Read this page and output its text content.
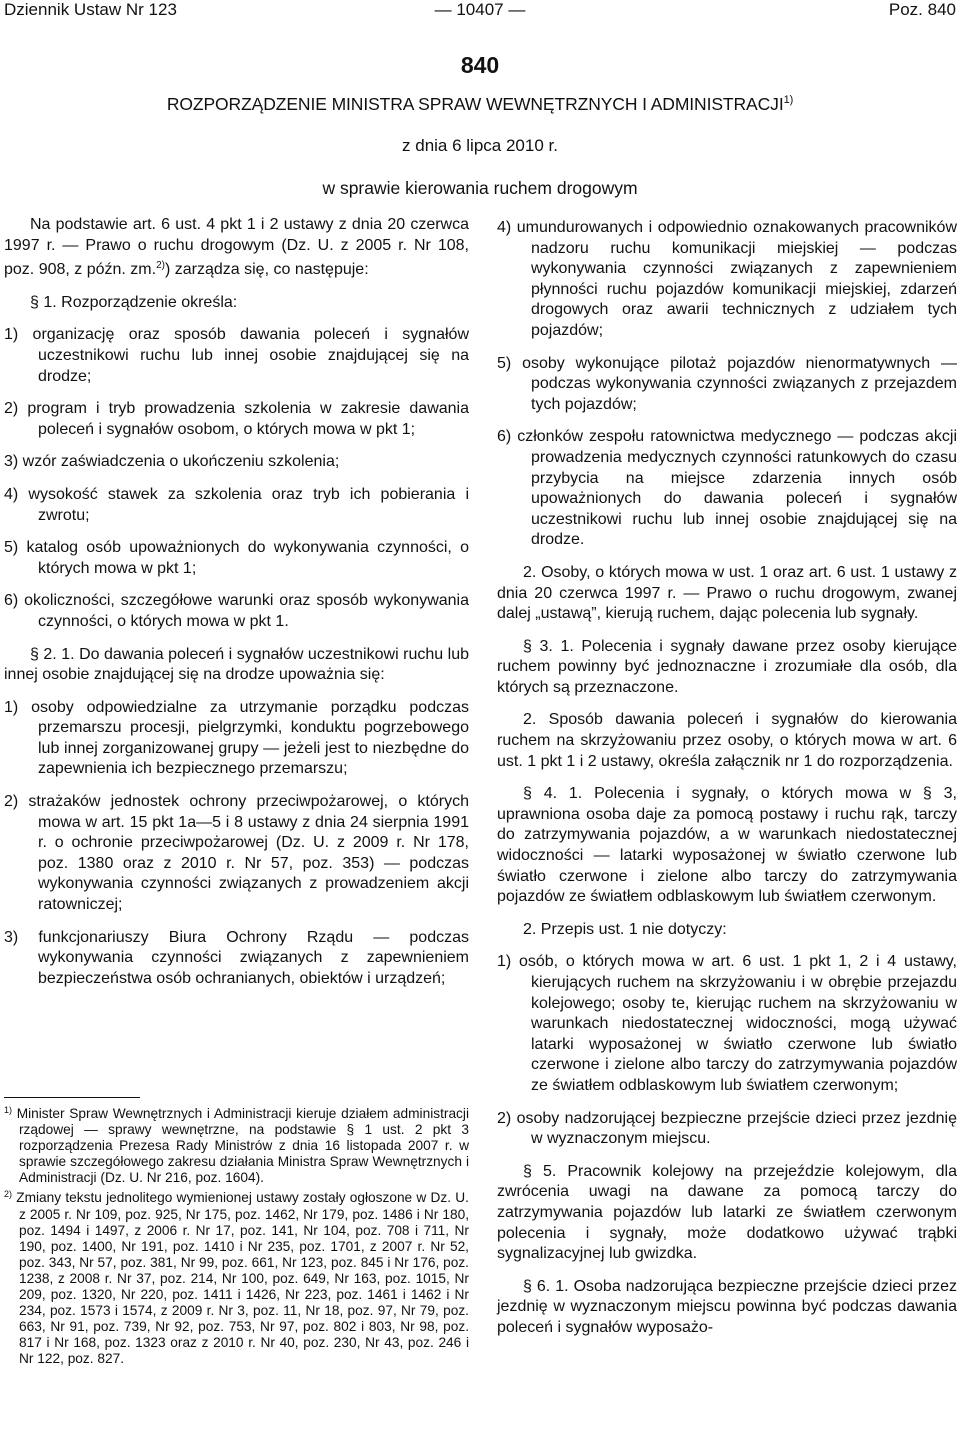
Dziennik Ustaw Nr 123	— 10407 —	Poz. 840
840
ROZPORZĄDZENIE MINISTRA SPRAW WEWNĘTRZNYCH I ADMINISTRACJI$^{1)}$
z dnia 6 lipca 2010 r.
w sprawie kierowania ruchem drogowym

Na podstawie art. 6 ust. 4 pkt 1 i 2 ustawy z dnia 20 czerwca 1997 r. — Prawo o ruchu drogowym (Dz. U. z 2005 r. Nr 108, poz. 908, z późn. zm.$^{2)}$) zarządza się, co następuje:

§ 1. Rozporządzenie określa:

1) organizację oraz sposób dawania poleceń i sygnałów uczestnikowi ruchu lub innej osobie znajdującej się na drodze;

2) program i tryb prowadzenia szkolenia w zakresie dawania poleceń i sygnałów osobom, o których mowa w pkt 1;

3) wzór zaświadczenia o ukończeniu szkolenia;

4) wysokość stawek za szkolenia oraz tryb ich pobierania i zwrotu;

5) katalog osób upoważnionych do wykonywania czynności, o których mowa w pkt 1;

6) okoliczności, szczegółowe warunki oraz sposób wykonywania czynności, o których mowa w pkt 1.

§ 2. 1. Do dawania poleceń i sygnałów uczestnikowi ruchu lub innej osobie znajdującej się na drodze upoważnia się:

1) osoby odpowiedzialne za utrzymanie porządku podczas przemarszu procesji, pielgrzymki, konduktu pogrzebowego lub innej zorganizowanej grupy — jeżeli jest to niezbędne do zapewnienia ich bezpiecznego przemarszu;

2) strażaków jednostek ochrony przeciwpożarowej, o których mowa w art. 15 pkt 1a—5 i 8 ustawy z dnia 24 sierpnia 1991 r. o ochronie przeciwpożarowej (Dz. U. z 2009 r. Nr 178, poz. 1380 oraz z 2010 r. Nr 57, poz. 353) — podczas wykonywania czynności związanych z prowadzeniem akcji ratowniczej;

3) funkcjonariuszy Biura Ochrony Rządu — podczas wykonywania czynności związanych z zapewnieniem bezpieczeństwa osób ochranianych, obiektów i urządzeń;

$^{1)}$ Minister Spraw Wewnętrznych i Administracji kieruje działem administracji rządowej — sprawy wewnętrzne, na podstawie § 1 ust. 2 pkt 3 rozporządzenia Prezesa Rady Ministrów z dnia 16 listopada 2007 r. w sprawie szczegółowego zakresu działania Ministra Spraw Wewnętrznych i Administracji (Dz. U. Nr 216, poz. 1604).

$^{2)}$ Zmiany tekstu jednolitego wymienionej ustawy zostały ogłoszone w Dz. U. z 2005 r. Nr 109, poz. 925, Nr 175, poz. 1462, Nr 179, poz. 1486 i Nr 180, poz. 1494 i 1497, z 2006 r. Nr 17, poz. 141, Nr 104, poz. 708 i 711, Nr 190, poz. 1400, Nr 191, poz. 1410 i Nr 235, poz. 1701, z 2007 r. Nr 52, poz. 343, Nr 57, poz. 381, Nr 99, poz. 661, Nr 123, poz. 845 i Nr 176, poz. 1238, z 2008 r. Nr 37, poz. 214, Nr 100, poz. 649, Nr 163, poz. 1015, Nr 209, poz. 1320, Nr 220, poz. 1411 i 1426, Nr 223, poz. 1461 i 1462 i Nr 234, poz. 1573 i 1574, z 2009 r. Nr 3, poz. 11, Nr 18, poz. 97, Nr 79, poz. 663, Nr 91, poz. 739, Nr 92, poz. 753, Nr 97, poz. 802 i 803, Nr 98, poz. 817 i Nr 168, poz. 1323 oraz z 2010 r. Nr 40, poz. 230, Nr 43, poz. 246 i Nr 122, poz. 827.

4) umundurowanych i odpowiednio oznakowanych pracowników nadzoru ruchu komunikacji miejskiej — podczas wykonywania czynności związanych z zapewnieniem płynności ruchu pojazdów komunikacji miejskiej, zdarzeń drogowych oraz awarii technicznych z udziałem tych pojazdów;

5) osoby wykonujące pilotaż pojazdów nienormatywnych — podczas wykonywania czynności związanych z przejazdem tych pojazdów;

6) członków zespołu ratownictwa medycznego — podczas akcji prowadzenia medycznych czynności ratunkowych do czasu przybycia na miejsce zdarzenia innych osób upoważnionych do dawania poleceń i sygnałów uczestnikowi ruchu lub innej osobie znajdującej się na drodze.

2. Osoby, o których mowa w ust. 1 oraz art. 6 ust. 1 ustawy z dnia 20 czerwca 1997 r. — Prawo o ruchu drogowym, zwanej dalej „ustawą”, kierują ruchem, dając polecenia lub sygnały.

§ 3. 1. Polecenia i sygnały dawane przez osoby kierujące ruchem powinny być jednoznaczne i zrozumiałe dla osób, dla których są przeznaczone.

2. Sposób dawania poleceń i sygnałów do kierowania ruchem na skrzyżowaniu przez osoby, o których mowa w art. 6 ust. 1 pkt 1 i 2 ustawy, określa załącznik nr 1 do rozporządzenia.

§ 4. 1. Polecenia i sygnały, o których mowa w § 3, uprawniona osoba daje za pomocą postawy i ruchu rąk, tarczy do zatrzymywania pojazdów, a w warunkach niedostatecznej widoczności — latarki wyposażonej w światło czerwone lub światło czerwone i zielone albo tarczy do zatrzymywania pojazdów ze światłem odblaskowym lub światłem czerwonym.

2. Przepis ust. 1 nie dotyczy:

1) osób, o których mowa w art. 6 ust. 1 pkt 1, 2 i 4 ustawy, kierujących ruchem na skrzyżowaniu i w obrębie przejazdu kolejowego; osoby te, kierując ruchem na skrzyżowaniu w warunkach niedostatecznej widoczności, mogą używać latarki wyposażonej w światło czerwone lub światło czerwone i zielone albo tarczy do zatrzymywania pojazdów ze światłem odblaskowym lub światłem czerwonym;

2) osoby nadzorującej bezpieczne przejście dzieci przez jezdnię w wyznaczonym miejscu.

§ 5. Pracownik kolejowy na przejeździe kolejowym, dla zwrócenia uwagi na dawane za pomocą tarczy do zatrzymywania pojazdów lub latarki ze światłem czerwonym polecenia i sygnały, może dodatkowo używać trąbki sygnalizacyjnej lub gwizdka.

§ 6. 1. Osoba nadzorująca bezpieczne przejście dzieci przez jezdnię w wyznaczonym miejscu powinna być podczas dawania poleceń i sygnałów wyposażo-
